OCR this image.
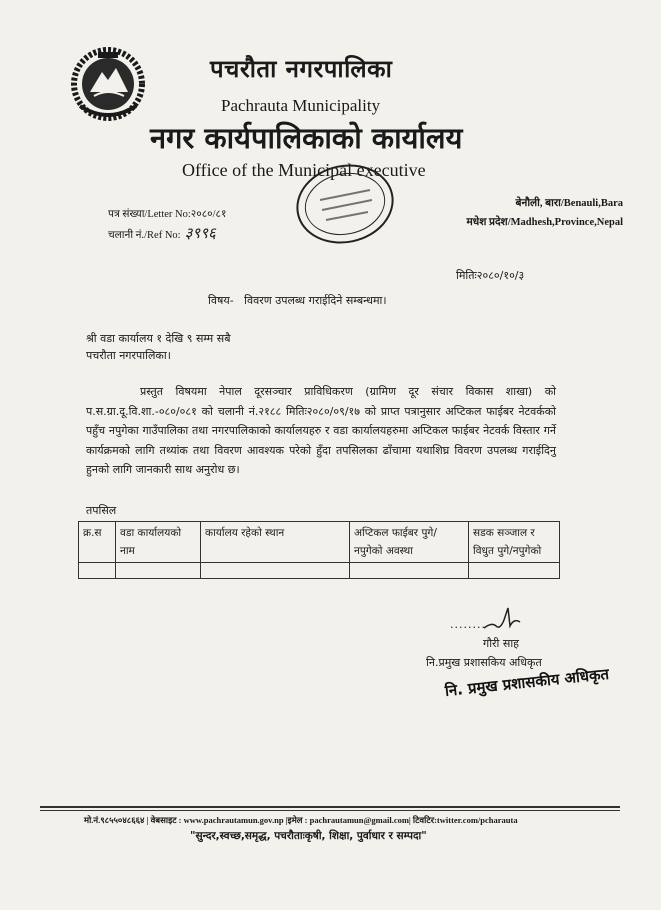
पचरौता नगरपालिका
Pachrauta Municipality
नगर कार्यपालिकाको कार्यालय
Office of the Municipal executive
बेनौली, बारा/Benauli,Bara
मधेश प्रदेश/Madhesh,Province,Nepal
पत्र संख्या/Letter No:२०८०/८१
चलानी नं./Ref No: ३९९६
मितिः२०८०/१०/३
विषय-   विवरण उपलब्ध गराईदिने सम्बन्धमा।
श्री वडा कार्यालय १ देखि ९ सम्म सबै
पचरौता नगरपालिका।
प्रस्तुत विषयमा नेपाल दूरसञ्चार प्राविधिकरण (ग्रामिण दूर संचार विकास शाखा) को प.स.ग्रा.दू.वि.शा.-०८०/०८१ को चलानी नं.२१८८ मितिः२०८०/०९/१७ को प्राप्त पत्रानुसार अप्टिकल फाईबर नेटवर्कको पहुँच नपुगेका गाउँपालिका तथा नगरपालिकाको कार्यालयहरु र वडा कार्यालयहरुमा अप्टिकल फाईबर नेटवर्क विस्तार गर्ने कार्यक्रमको लागि तथ्यांक तथा विवरण आवश्यक परेको हुँदा तपसिलका ढाँचामा यथाशिघ्र विवरण उपलब्ध गराईदिनु हुनको लागि जानकारी साथ अनुरोध छ।
तपसिल
क्र.स	वडा कार्यालयको नाम	कार्यालय रहेको स्थान	अप्टिकल फाईबर पुगे/नपुगेको अवस्था	सडक सञ्जाल र विधुत पुगे/नपुगेको

........
गौरी साह
नि.प्रमुख प्रशासकिय अधिकृत
नि. प्रमुख प्रशासकीय अधिकृत
मो.नं.९८५५०४८६६४ | वेबसाइट : www.pachrautamun.gov.np |इमेल : pachrautamun@gmail.com| टिवटिर:twitter.com/pcharauta
"सुन्दर,स्वच्छ,समृद्ध, पचरौताःकृषी, शिक्षा, पुर्वाधार र सम्पदा"
